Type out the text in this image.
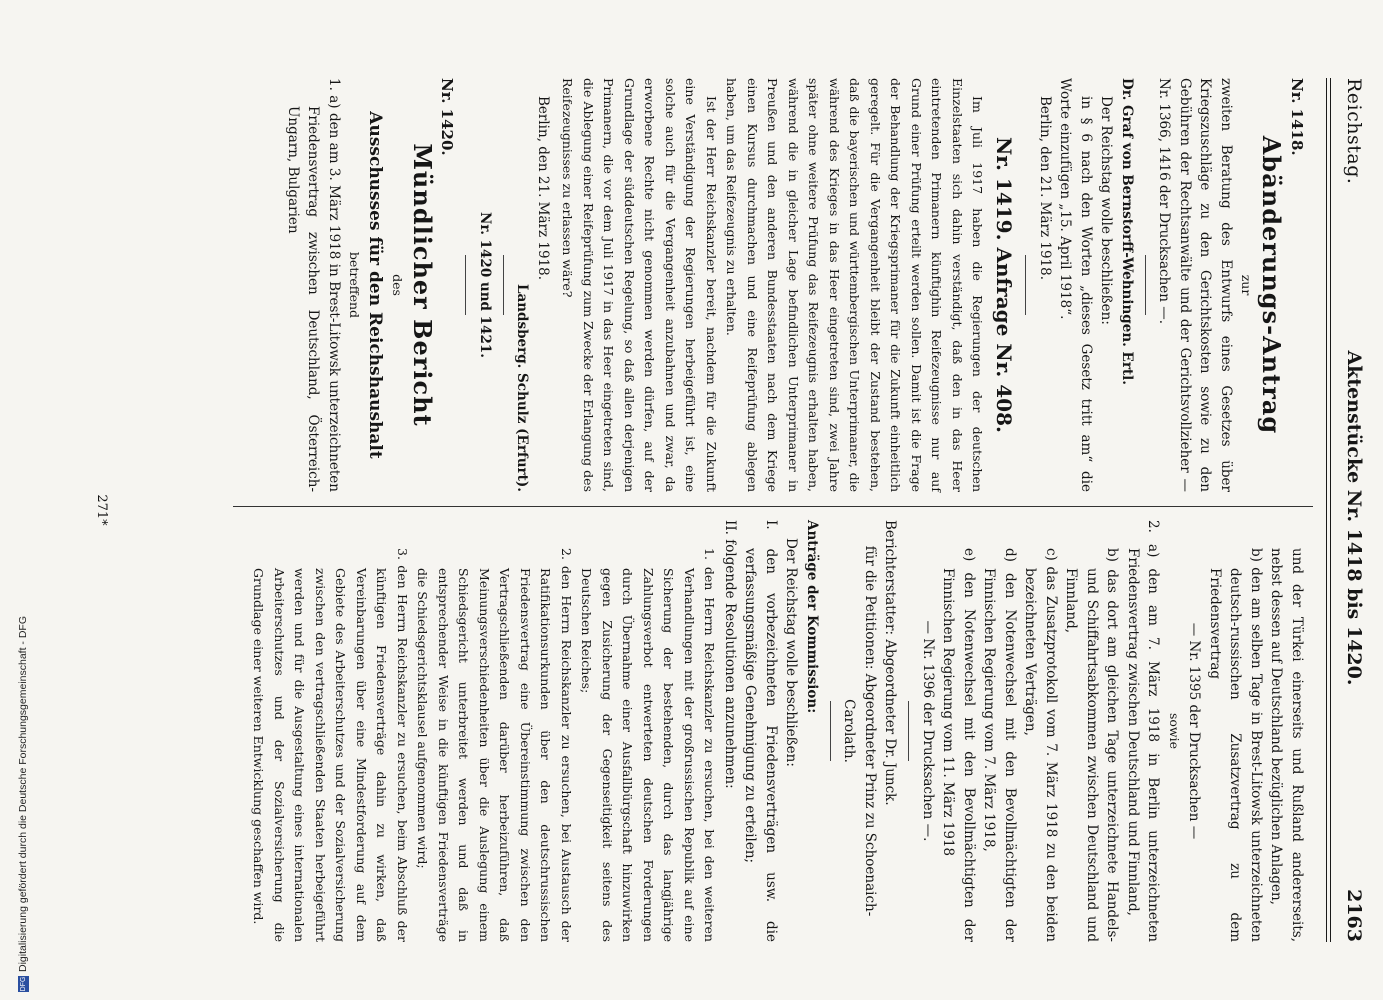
Reichstag.
Aktenstücke Nr. 1418 bis 1420.
2163

Nr. 1418.

Abänderungs-Antrag

zur

zweiten Beratung des Entwurfs eines Gesetzes über Kriegszuschläge zu den Gerichtskosten sowie zu den Gebühren der Rechtsanwälte und der Gerichtsvollzieher — Nr. 1366, 1416 der Drucksachen —.

Dr. Graf von Bernstorff-Wehningen. Ertl.

Der Reichstag wolle beschließen:

in § 6 nach den Worten „dieses Gesetz tritt am“ die Worte einzufügen „15. April 1918“.

Berlin, den 21. März 1918.

Nr. 1419. Anfrage Nr. 408.

Im Juli 1917 haben die Regierungen der deutschen Einzelstaaten sich dahin verständigt, daß den in das Heer eintretenden Primanern künftighin Reifezeugnisse nur auf Grund einer Prüfung erteilt werden sollen. Damit ist die Frage der Behandlung der Kriegsprimaner für die Zukunft einheitlich geregelt. Für die Vergangenheit bleibt der Zustand bestehen, daß die bayerischen und württembergischen Unterprimaner, die während des Krieges in das Heer eingetreten sind, zwei Jahre später ohne weitere Prüfung das Reifezeugnis erhalten haben, während die in gleicher Lage befindlichen Unterprimaner in Preußen und den anderen Bundesstaaten nach dem Kriege einen Kursus durchmachen und eine Reifeprüfung ablegen haben, um das Reifezeugnis zu erhalten.

Ist der Herr Reichskanzler bereit, nachdem für die Zukunft eine Verständigung der Regierungen herbeigeführt ist, eine solche auch für die Vergangenheit anzubahnen und zwar, da erworbene Rechte nicht genommen werden dürfen, auf der Grundlage der süddeutschen Regelung, so daß allen derjenigen Primanern, die vor dem Juli 1917 in das Heer eingetreten sind, die Ablegung einer Reifeprüfung zum Zwecke der Erlangung des Reifezeugnisses zu erlassen wäre?

Berlin, den 21. März 1918.

Landsberg. Schulz (Erfurt).

Nr. 1420 und 1421.

Nr. 1420.

Mündlicher Bericht

des

Ausschusses für den Reichshaushalt

betreffend

1. a) den am 3. März 1918 in Brest-Litowsk unterzeichneten Friedensvertrag zwischen Deutschland, Österreich-Ungarn, Bulgarien

und der Türkei einerseits und Rußland andererseits, nebst dessen auf Deutschland bezüglichen Anlagen,

b) den am selben Tage in Brest-Litowsk unterzeichneten deutsch-russischen Zusatzvertrag zu dem Friedensvertrag

— Nr. 1395 der Drucksachen —

sowie

2. a) den am 7. März 1918 in Berlin unterzeichneten Friedensvertrag zwischen Deutschland und Finnland,

b) das dort am gleichen Tage unterzeichnete Handels- und Schiffahrtsabkommen zwischen Deutschland und Finnland,

c) das Zusatzprotokoll vom 7. März 1918 zu den beiden bezeichneten Verträgen,

d) den Notenwechsel mit den Bevollmächtigten der Finnischen Regierung vom 7. März 1918,

e) den Notenwechsel mit den Bevollmächtigten der Finnischen Regierung vom 11. März 1918

— Nr. 1396 der Drucksachen —.

Berichterstatter: Abgeordneter Dr. Junck.

für die Petitionen: Abgeordneter Prinz zu Schoenaich-Carolath.

Anträge der Kommission:

Der Reichstag wolle beschließen:

I. den vorbezeichneten Friedensverträgen usw. die verfassungsmäßige Genehmigung zu erteilen;

II. folgende Resolutionen anzunehmen:

1. den Herrn Reichskanzler zu ersuchen, bei den weiteren Verhandlungen mit der großrussischen Republik auf eine Sicherung der bestehenden, durch das langjährige Zahlungsverbot entwerteten deutschen Forderungen durch Übernahme einer Ausfallbürgschaft hinzuwirken gegen Zusicherung der Gegenseitigkeit seitens des Deutschen Reiches;

2. den Herrn Reichskanzler zu ersuchen, bei Austausch der Ratifikationsurkunden über den deutschrussischen Friedensvertrag eine Übereinstimmung zwischen den Vertragschließenden darüber herbeizuführen, daß Meinungsverschiedenheiten über die Auslegung einem Schiedsgericht unterbreitet werden und daß in entsprechender Weise in die künftigen Friedensverträge die Schiedsgerichtsklausel aufgenommen wird;

3. den Herrn Reichskanzler zu ersuchen, beim Abschluß der künftigen Friedensverträge dahin zu wirken, daß Vereinbarungen über eine Mindestforderung auf dem Gebiete des Arbeiterschutzes und der Sozialversicherung zwischen den vertragschließenden Staaten herbeigeführt werden und für die Ausgestaltung eines internationalen Arbeiterschutzes und der Sozialversicherung die Grundlage einer weiteren Entwicklung geschaffen wird.

271*
DFGDigitalisierung gefördert durch die Deutsche Forschungsgemeinschaft - DFG
